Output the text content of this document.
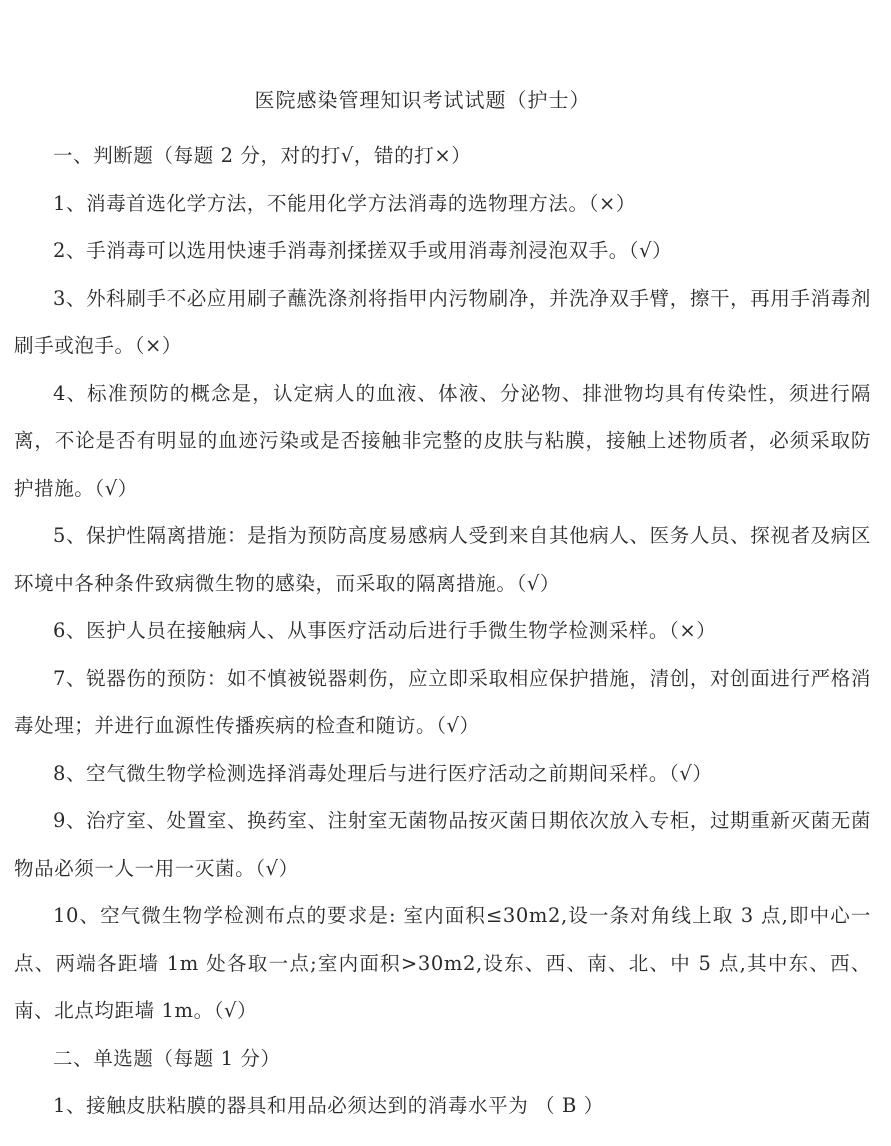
医院感染管理知识考试试题（护士）

一、判断题（每题 2 分，对的打√，错的打×）

1、消毒首选化学方法，不能用化学方法消毒的选物理方法。（×）

2、手消毒可以选用快速手消毒剂揉搓双手或用消毒剂浸泡双手。（√）

3、外科刷手不必应用刷子蘸洗涤剂将指甲内污物刷净，并洗净双手臂，擦干，再用手消毒剂刷手或泡手。（×）

4、标准预防的概念是，认定病人的血液、体液、分泌物、排泄物均具有传染性，须进行隔离，不论是否有明显的血迹污染或是否接触非完整的皮肤与粘膜，接触上述物质者，必须采取防护措施。（√）

5、保护性隔离措施：是指为预防高度易感病人受到来自其他病人、医务人员、探视者及病区环境中各种条件致病微生物的感染，而采取的隔离措施。（√）

6、医护人员在接触病人、从事医疗活动后进行手微生物学检测采样。（×）

7、锐器伤的预防：如不慎被锐器刺伤，应立即采取相应保护措施，清创，对创面进行严格消毒处理；并进行血源性传播疾病的检查和随访。（√）

8、空气微生物学检测选择消毒处理后与进行医疗活动之前期间采样。（√）

9、治疗室、处置室、换药室、注射室无菌物品按灭菌日期依次放入专柜，过期重新灭菌无菌物品必须一人一用一灭菌。（√）

10、空气微生物学检测布点的要求是: 室内面积≤30m2,设一条对角线上取 3 点,即中心一点、两端各距墙 1m 处各取一点;室内面积>30m2,设东、西、南、北、中 5 点,其中东、西、南、北点均距墙 1m。（√）

二、单选题（每题 1 分）

1、接触皮肤粘膜的器具和用品必须达到的消毒水平为 （ B ）
